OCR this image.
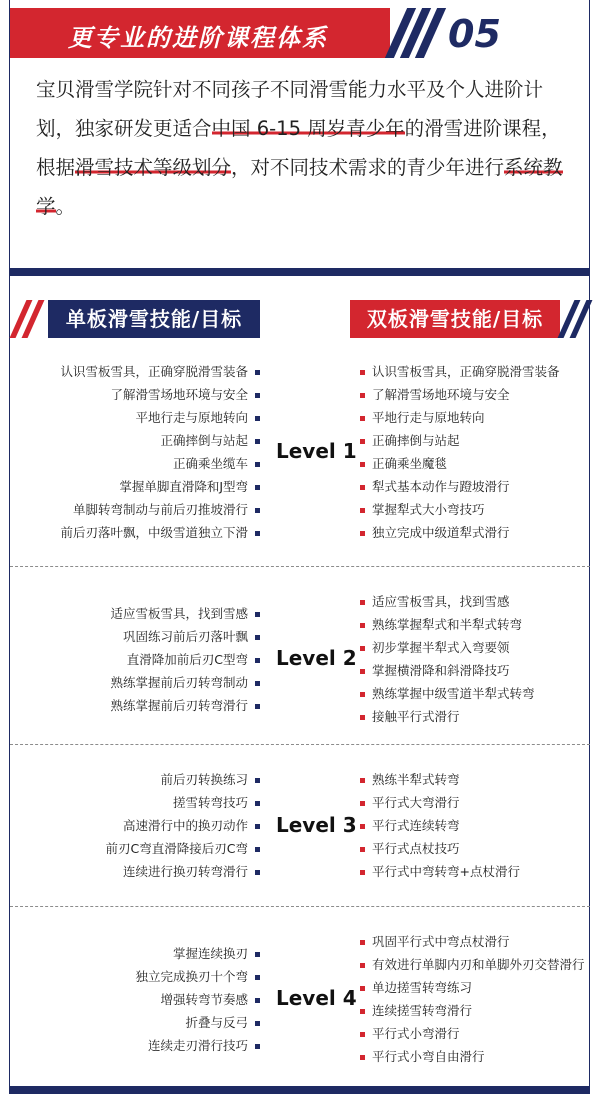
更专业的进阶课程体系	05
宝贝滑雪学院针对不同孩子不同滑雪能力水平及个人进阶计划，独家研发更适合中国 6-15 周岁青少年的滑雪进阶课程，根据滑雪技术等级划分，对不同技术需求的青少年进行系统教学。
单板滑雪技能/目标	双板滑雪技能/目标
认识雪板雪具，正确穿脱滑雪装备
了解滑雪场地环境与安全
平地行走与原地转向
正确摔倒与站起
正确乘坐缆车
掌握单脚直滑降和J型弯
单脚转弯制动与前后刃推坡滑行
前后刃落叶飘，中级雪道独立下滑
Level 1
认识雪板雪具，正确穿脱滑雪装备
了解滑雪场地环境与安全
平地行走与原地转向
正确摔倒与站起
正确乘坐魔毯
犁式基本动作与蹬坡滑行
掌握犁式大小弯技巧
独立完成中级道犁式滑行
适应雪板雪具，找到雪感
巩固练习前后刃落叶飘
直滑降加前后刃C型弯
熟练掌握前后刃转弯制动
熟练掌握前后刃转弯滑行
Level 2
适应雪板雪具，找到雪感
熟练掌握犁式和半犁式转弯
初步掌握半犁式入弯要领
掌握横滑降和斜滑降技巧
熟练掌握中级雪道半犁式转弯
接触平行式滑行
前后刃转换练习
搓雪转弯技巧
高速滑行中的换刃动作
前刃C弯直滑降接后刃C弯
连续进行换刃转弯滑行
Level 3
熟练半犁式转弯
平行式大弯滑行
平行式连续转弯
平行式点杖技巧
平行式中弯转弯+点杖滑行
掌握连续换刃
独立完成换刃十个弯
增强转弯节奏感
折叠与反弓
连续走刃滑行技巧
Level 4
巩固平行式中弯点杖滑行
有效进行单脚内刃和单脚外刃交替滑行
单边搓雪转弯练习
连续搓雪转弯滑行
平行式小弯滑行
平行式小弯自由滑行
